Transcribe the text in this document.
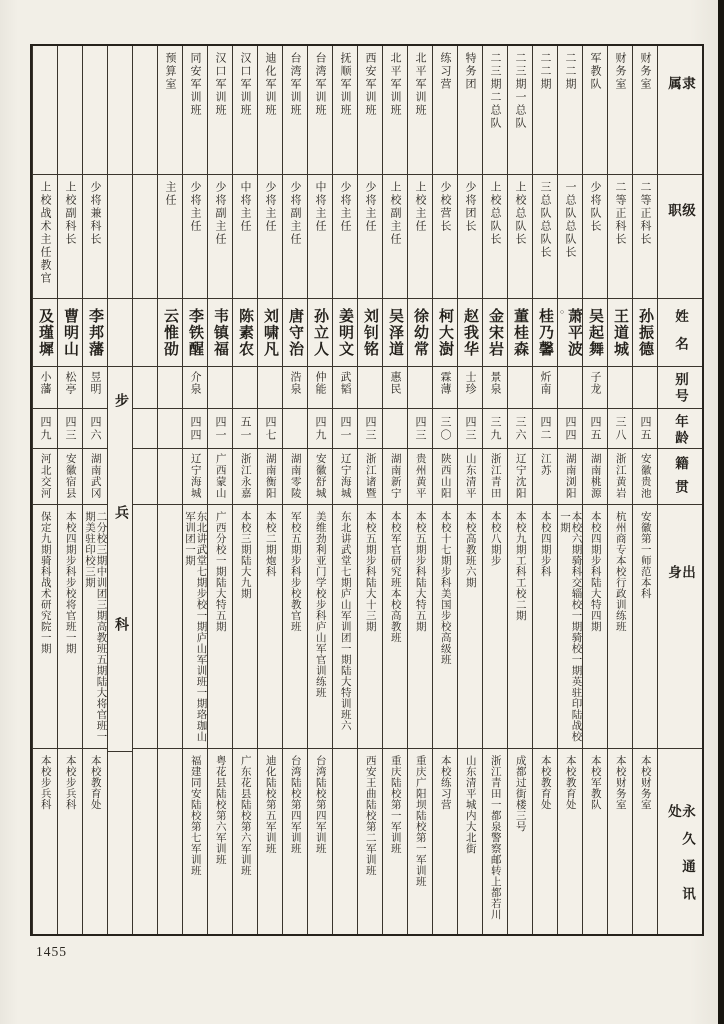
隶属
级职
姓名
别号
年龄
籍贯
出身
永久通讯处
财务室
二等正科长
孙振德
四五
安徽贵池
安徽第一师范本科
本校财务室
财务室
二等正科长
王道城
三八
浙江黄岩
杭州商专本校行政训练班
本校财务室
军教队
少将队长
吴起舞
子龙
四五
湖南桃源
本校四期步科陆大特四期
本校军教队
二二期
一总队总队长
萧平波
○
四四
湖南浏阳
本校六期骑科交辎校一期骑校一期英驻印陆战校一期
本校教育处
二二期
三总队总队长
桂乃馨
炘南
四二
江苏
本校四期步科
本校教育处
二三期一总队
上校总队长
董桂森
三六
辽宁沈阳
本校九期工科工校二期
成都过街楼三号
二三期二总队
上校总队长
金宋岩
景泉
三九
浙江青田
本校八期步
浙江青田一都泉警察邮转上都若川
特务团
少将团长
赵我华
士珍
四三
山东清平
本校高教班六期
山东清平城内大北街
练习营
少校营长
柯大澍
霖薄
三〇
陕西山阳
本校十七期步科美国步校高级班
本校练习营
北平军训班
上校主任
徐幼常
四三
贵州黄平
本校五期步科陆大特五期
重庆广阳坝陆校第一军训班
北平军训班
上校副主任
吴泽道
惠民
湖南新宁
本校军官研究班本校高教班
重庆陆校第一军训班
西安军训班
少将主任
刘钊铭
四三
浙江诸暨
本校五期步科陆大十三期
西安王曲陆校第二军训班
抚顺军训班
少将主任
姜明文
武韬
四一
辽宁海城
东北讲武堂七期庐山军训团一期陆大特训班六
台湾军训班
中将主任
孙立人
仲能
四九
安徽舒城
美维劲利亚门学校步科庐山军官训练班
台湾陆校第四军训班
台湾军训班
少将副主任
唐守治
浩泉
湖南零陵
军校五期步科步校教官班
台湾陆校第四军训班
迪化军训班
少将主任
刘啸凡
四七
湖南衡阳
本校二期炮科
迪化陆校第五军训班
汉口军训班
中将主任
陈素农
五一
浙江永嘉
本校三期陆大九期
广东花县陆校第六军训班
汉口军训班
少将副主任
韦镇福
四一
广西蒙山
广西分校一期陆大特五期
粤花县陆校第六军训班
同安军训班
少将主任
李铁醒
介泉
四四
辽宁海城
东北讲武堂七期步校一期庐山军训班一期珞珈山军训团一期
福建同安陆校第七军训班
预算室
主任
云惟劭
步兵科
少将兼科长
李邦藩
昱明
四六
湖南武冈
二分校三期中训团三期高教班五期陆大将官班一期美驻印校三期
本校教育处
上校副科长
曹明山
松亭
四三
安徽宿县
本校四期步科步校将官班一期
本校步兵科
上校战术主任教官
及瑾墀
小藩
四九
河北交河
保定九期骑科战术研究院一期
本校步兵科
1455
